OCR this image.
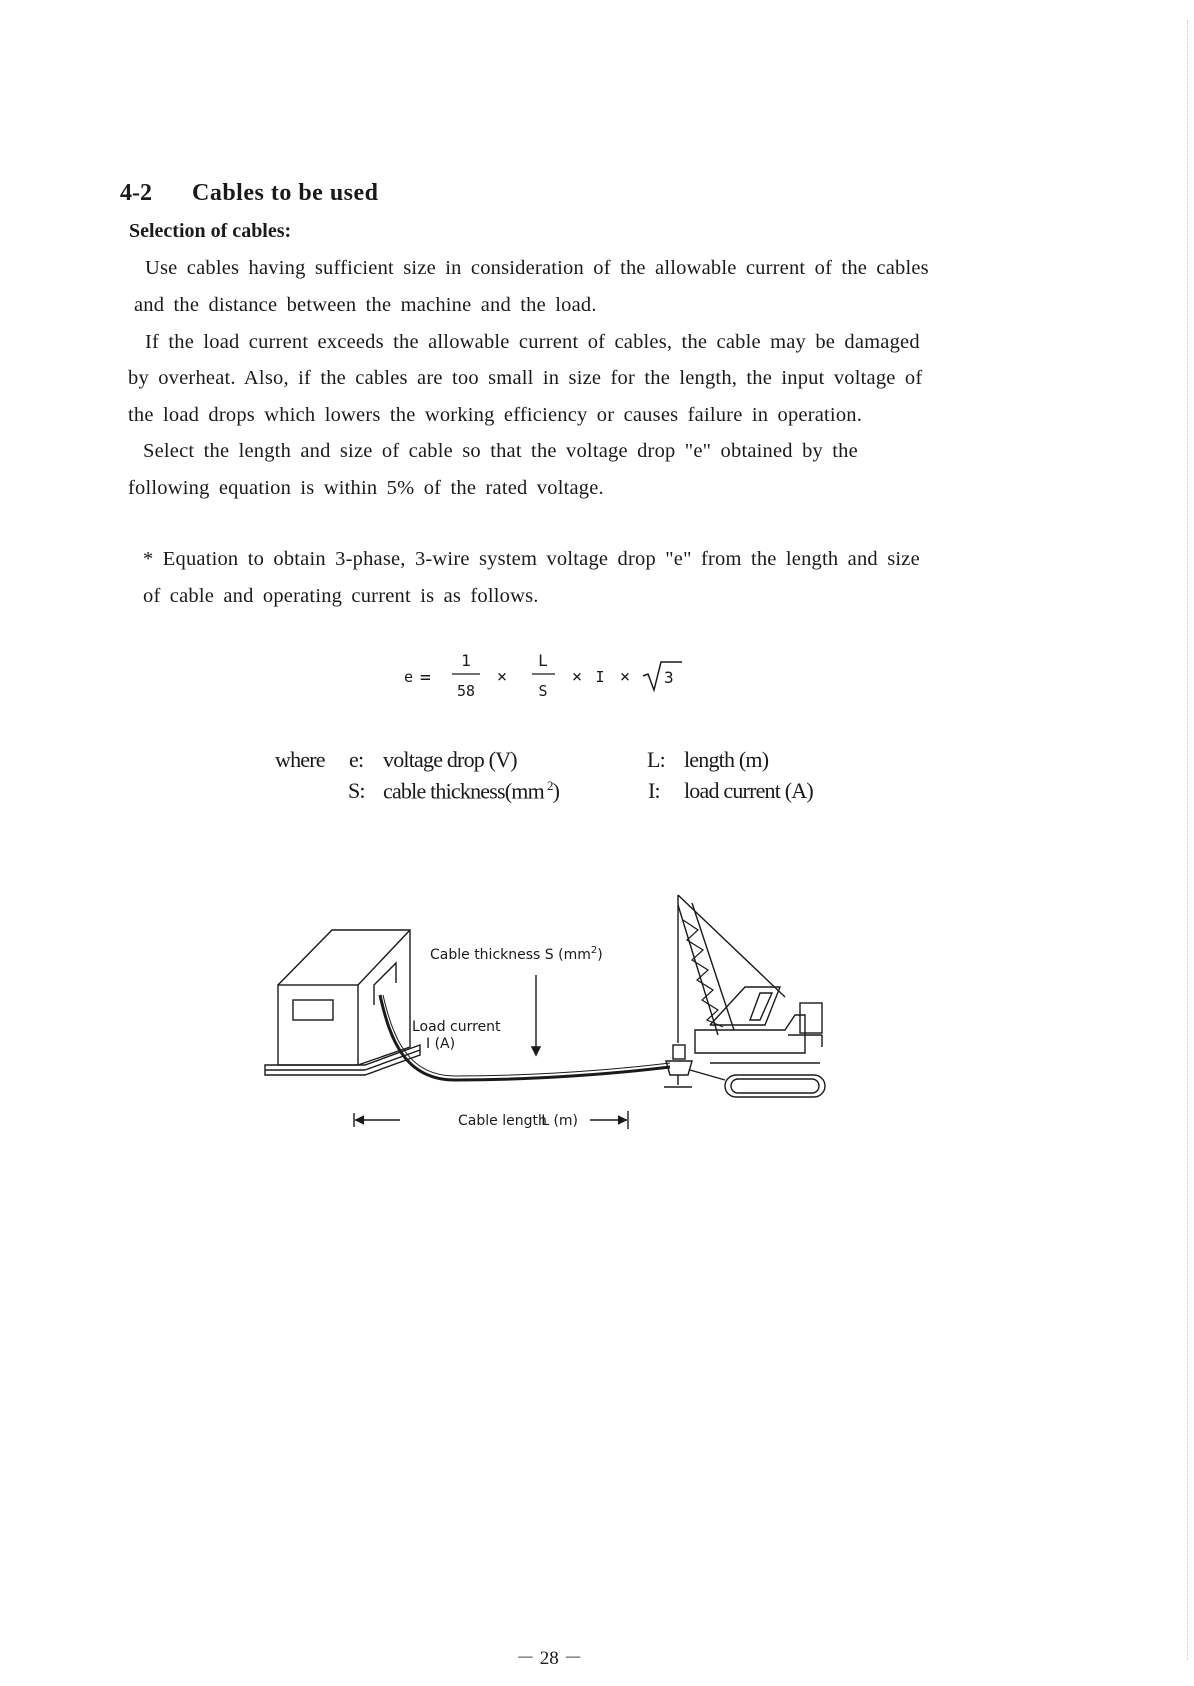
4-2 Cables to be used
Selection of cables:
Use cables having sufficient size in consideration of the allowable current of the cables
and the distance between the machine and the load.
If the load current exceeds the allowable current of cables, the cable may be damaged
by overheat. Also, if the cables are too small in size for the length, the input voltage of
the load drops which lowers the working efficiency or causes failure in operation.
Select the length and size of cable so that the voltage drop "e" obtained by the
following equation is within 5% of the rated voltage.
* Equation to obtain 3-phase, 3-wire system voltage drop "e" from the length and size
of cable and operating current is as follows.
e =
1
58
×
L
S
× I × 3
where e: voltage drop (V)
S: cable thickness(mm $^2$)
L: length (m)
I: load current (A)
Cable thickness S $(mm^2)$
Load current
I (A)
Cable length
L (m)
－ 28 －
